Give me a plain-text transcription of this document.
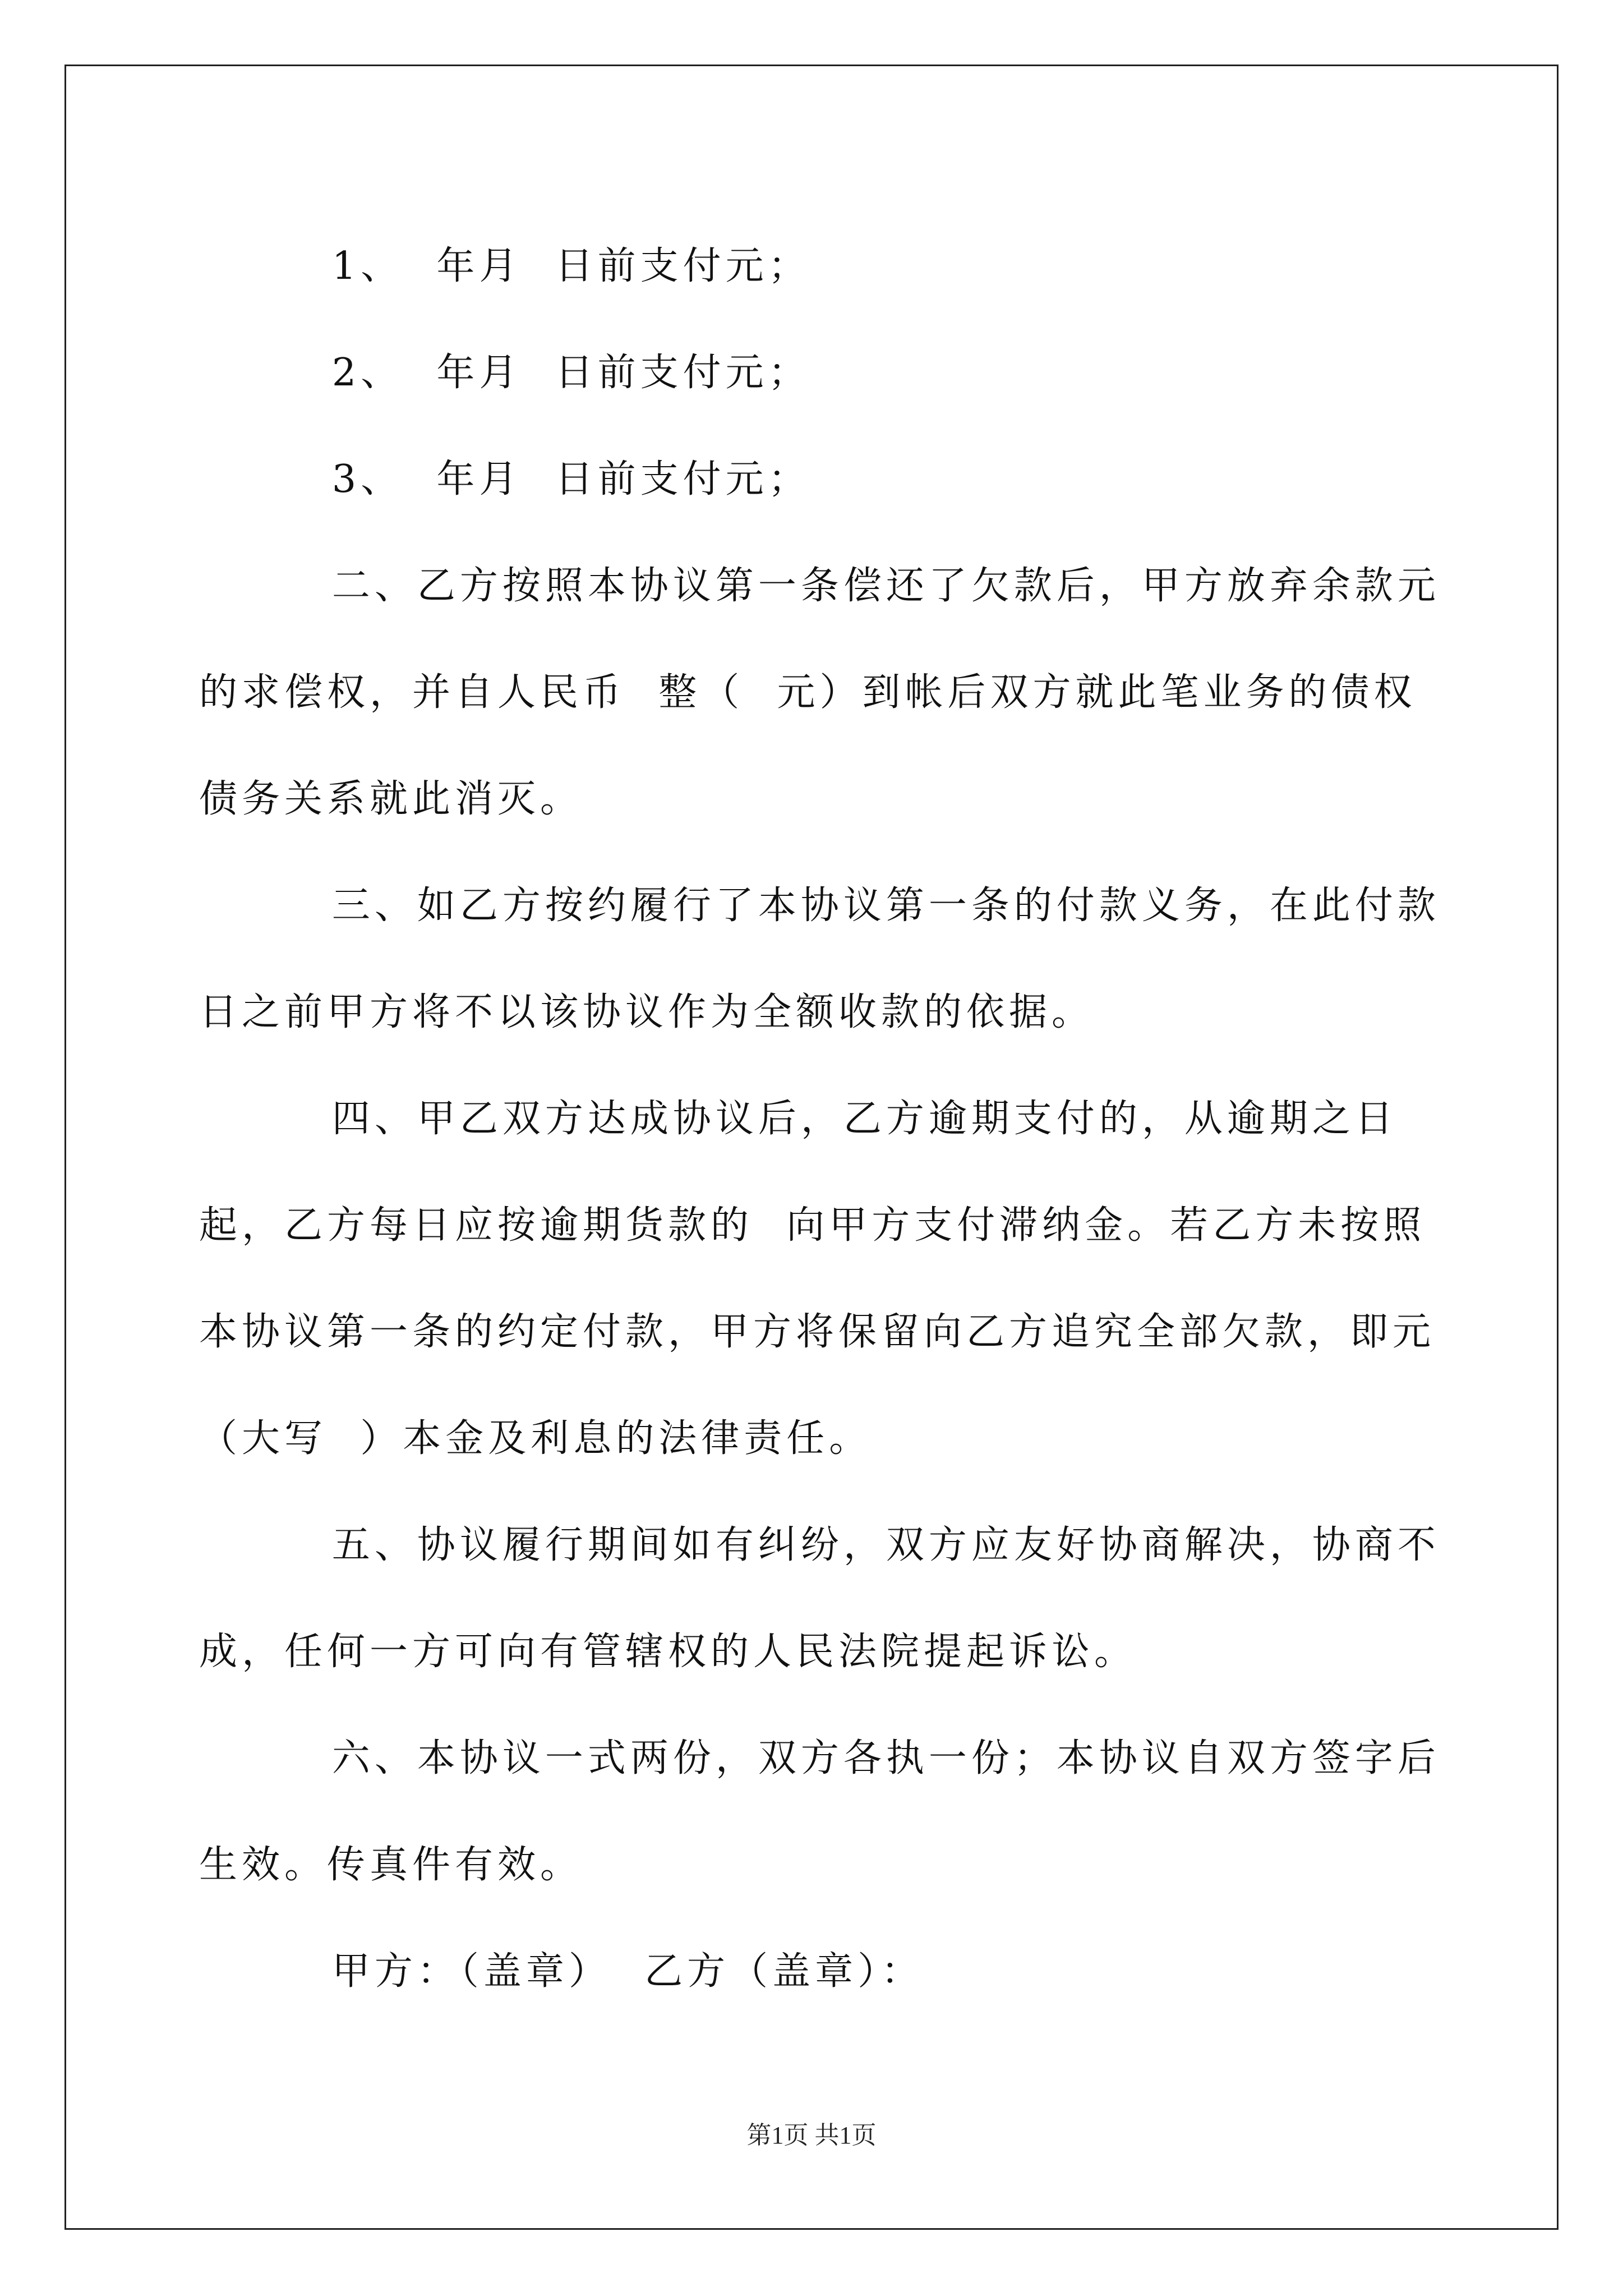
1、  年月  日前支付元；

2、  年月  日前支付元；

3、  年月  日前支付元；

二、乙方按照本协议第一条偿还了欠款后，甲方放弃余款元的求偿权，并自人民币  整（  元）到帐后双方就此笔业务的债权债务关系就此消灭。

三、如乙方按约履行了本协议第一条的付款义务，在此付款日之前甲方将不以该协议作为全额收款的依据。

四、甲乙双方达成协议后，乙方逾期支付的，从逾期之日起，乙方每日应按逾期货款的  向甲方支付滞纳金。若乙方未按照本协议第一条的约定付款，甲方将保留向乙方追究全部欠款，即元（大写  ）本金及利息的法律责任。

五、协议履行期间如有纠纷，双方应友好协商解决，协商不成，任何一方可向有管辖权的人民法院提起诉讼。

六、本协议一式两份，双方各执一份；本协议自双方签字后生效。传真件有效。

甲方：（盖章）  乙方（盖章）：

第1页 共1页
